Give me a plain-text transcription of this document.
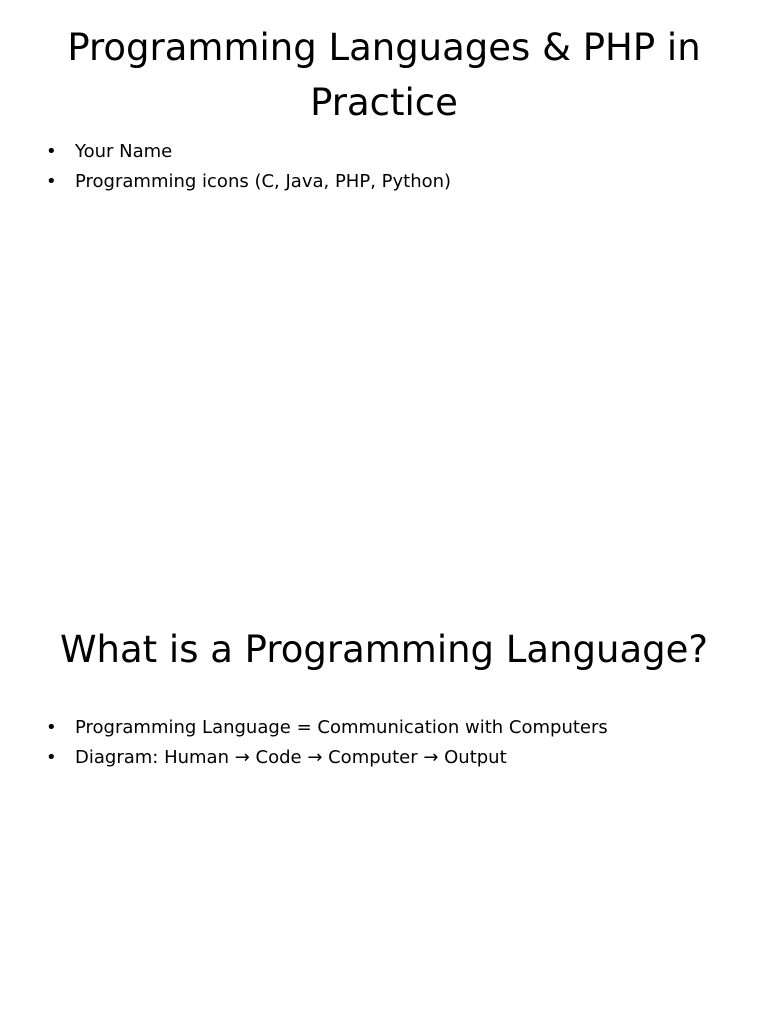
Programming Languages & PHP in Practice
• Your Name
• Programming icons (C, Java, PHP, Python)
What is a Programming Language?
• Programming Language = Communication with Computers
• Diagram: Human → Code → Computer → Output
